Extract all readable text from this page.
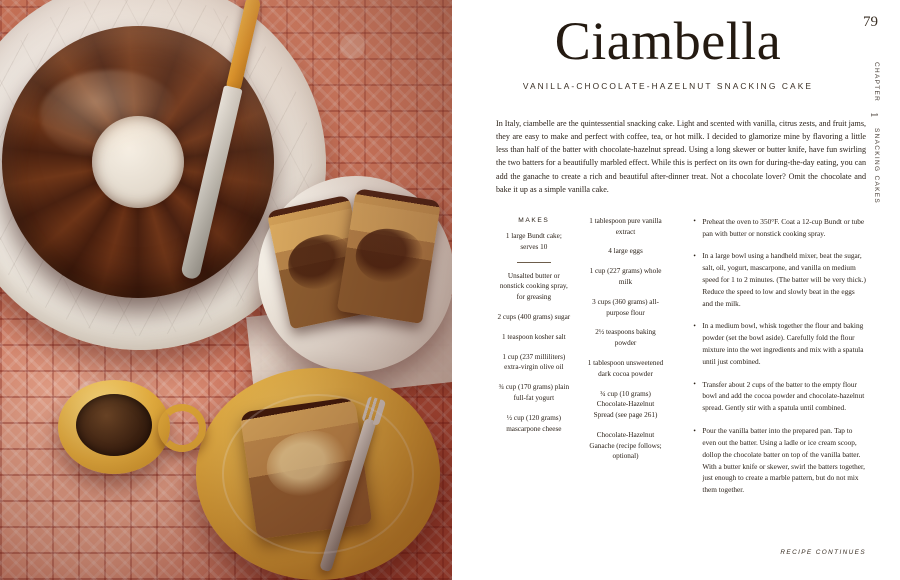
79
CHAPTER
1
SNACKING CAKES
Ciambella
VANILLA-CHOCOLATE-HAZELNUT SNACKING CAKE

In Italy, ciambelle are the quintessential snacking cake. Light and scented with vanilla, citrus zests, and fruit jams, they are easy to make and perfect with coffee, tea, or hot milk. I decided to glamorize mine by flavoring a little less than half of the batter with chocolate-hazelnut spread. Using a long skewer or butter knife, have fun swirling the two batters for a beautifully marbled effect. While this is perfect on its own for during-the-day eating, you can add the ganache to create a rich and beautiful after-dinner treat. Not a chocolate lover? Omit the chocolate and bake it up as a simple vanilla cake.

MAKES
1 large Bundt cake; serves 10
Unsalted butter or nonstick cooking spray, for greasing
2 cups (400 grams) sugar
1 teaspoon kosher salt
1 cup (237 milliliters) extra-virgin olive oil
¾ cup (170 grams) plain full-fat yogurt
½ cup (120 grams) mascarpone cheese
1 tablespoon pure vanilla extract
4 large eggs
1 cup (227 grams) whole milk
3 cups (360 grams) all-purpose flour
2½ teaspoons baking powder
1 tablespoon unsweetened dark cocoa powder
¾ cup (10 grams) Chocolate-Hazelnut Spread (see page 261)
Chocolate-Hazelnut Ganache (recipe follows; optional)
• Preheat the oven to 350°F. Coat a 12-cup Bundt or tube pan with butter or nonstick cooking spray.
• In a large bowl using a handheld mixer, beat the sugar, salt, oil, yogurt, mascarpone, and vanilla on medium speed for 1 to 2 minutes. (The batter will be very thick.) Reduce the speed to low and slowly beat in the eggs and the milk.
• In a medium bowl, whisk together the flour and baking powder (set the bowl aside). Carefully fold the flour mixture into the wet ingredients and mix with a spatula until just combined.
• Transfer about 2 cups of the batter to the empty flour bowl and add the cocoa powder and chocolate-hazelnut spread. Gently stir with a spatula until combined.
• Pour the vanilla batter into the prepared pan. Tap to even out the batter. Using a ladle or ice cream scoop, dollop the chocolate batter on top of the vanilla batter. With a butter knife or skewer, swirl the batters together, just enough to create a marble pattern, but do not mix them together.
RECIPE CONTINUES
